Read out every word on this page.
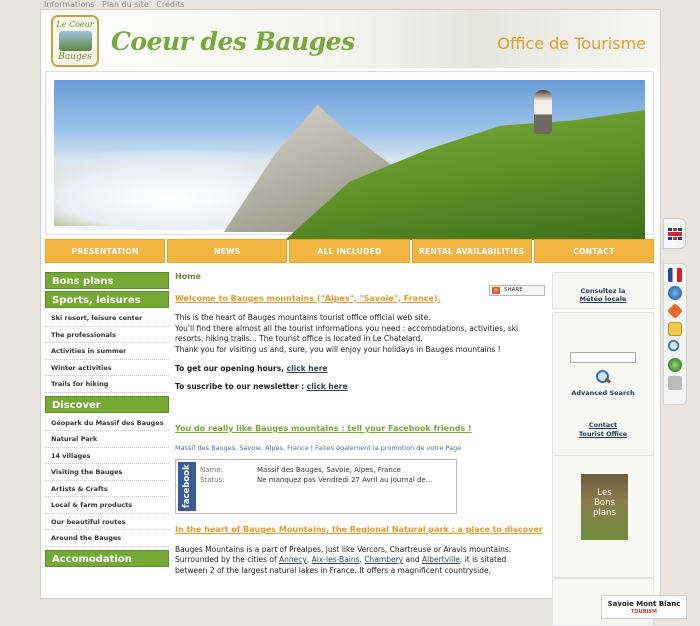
Informations Plan du site Crédits
Le Coeur
Bauges
Coeur des Bauges	Office de Tourisme
PRESENTATION	NEWS	ALL INCLUDED	RENTAL AVAILABILITIES	CONTACT
Bons plans
Sports, leisures
Ski resort, leisure center
The professionals
Activities in summer
Winter activities
Trails for hiking
Discover
Géopark du Massif des Bauges
Natural Park
14 villages
Visiting the Bauges
Artists & Crafts
Local & farm products
Our beautiful routes
Around the Bauges
Accomodation
+ SHARE
Home
Welcome to Bauges mountains ("Alpes", "Savoie", France).
This is the heart of Bauges mountains tourist office official web site.
You'll find there almost all the tourist informations you need : accomodations, activities, ski resorts, hiking trails... The tourist office is located in Le Chatelard.
Thank you for visiting us and, sure, you will enjoy your holidays in Bauges mountains !
To get our opening hours, click here
To suscribe to our newsletter : click here
You do really like Bauges mountains : tell your Facebook friends !
Massif des Bauges, Savoie, Alpes, France | Faites également la promotion de votre Page
facebook	Name:	Massif des Bauges, Savoie, Alpes, France
Status:	Ne manquez pas Vendredi 27 Avril au journal de...
In the heart of Bauges Mountains, the Regional Natural park : a place to discover
Bauges Mountains is a part of Prealpes, just like Vercors, Chartreuse or Aravis mountains.
Surrounded by the cities of Annecy, Aix-les-Bains, Chambery and Albertville, it is sitated
between 2 of the largest natural lakes in France. It offers a magnificent countryside,
Consultez la
Météo locale
Advanced Search
Contact
Tourist Office
Les
Bons
plans
Savoie Mont Blanc
TOURISM
